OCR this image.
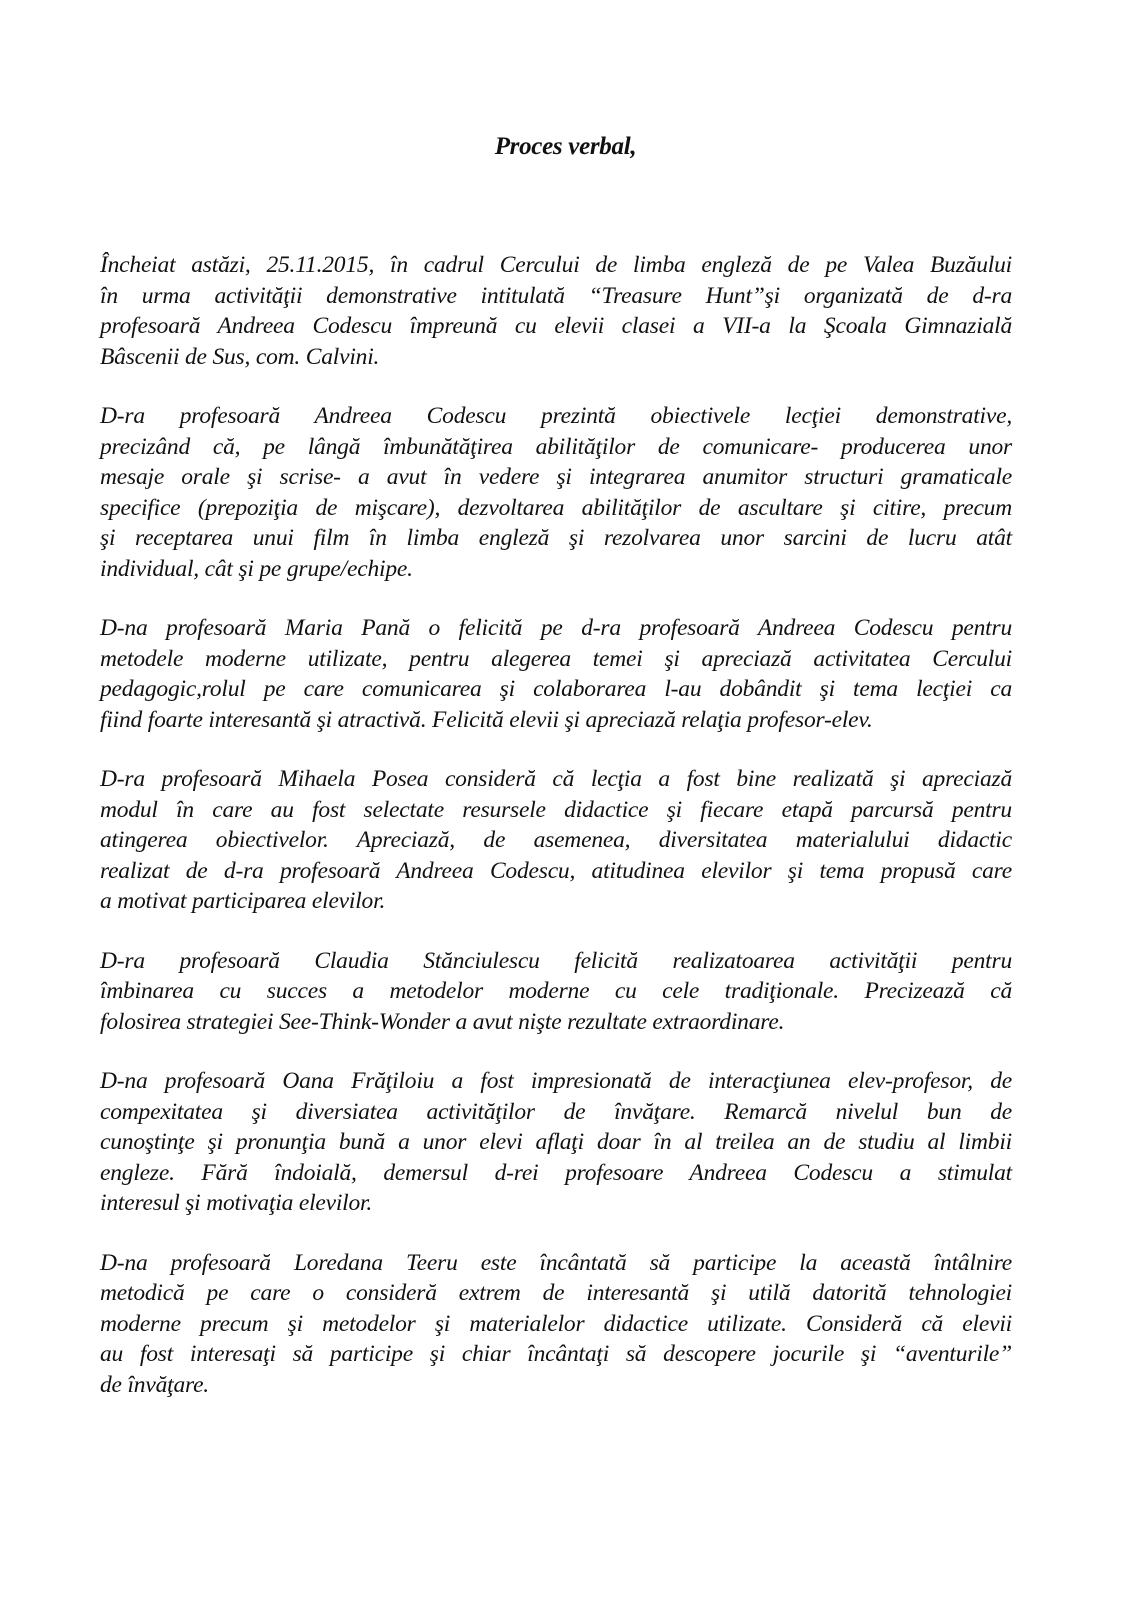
Proces verbal,
Încheiat astăzi, 25.11.2015, în cadrul Cercului de limba engleză de pe Valea Buzăului
în urma activităţii demonstrative intitulată “Treasure Hunt”şi organizată de d-ra
profesoară Andreea Codescu împreună cu elevii clasei a VII-a la Şcoala Gimnazială
Bâscenii de Sus, com. Calvini.
D-ra profesoară Andreea Codescu prezintă obiectivele lecţiei demonstrative,
precizând că, pe lângă îmbunătăţirea abilităţilor de comunicare- producerea unor
mesaje orale şi scrise- a avut în vedere şi integrarea anumitor structuri gramaticale
specifice (prepoziţia de mişcare), dezvoltarea abilităţilor de ascultare şi citire, precum
şi receptarea unui film în limba engleză şi rezolvarea unor sarcini de lucru atât
individual, cât şi pe grupe/echipe.
D-na profesoară Maria Pană o felicită pe d-ra profesoară Andreea Codescu pentru
metodele moderne utilizate, pentru alegerea temei şi apreciază activitatea Cercului
pedagogic,rolul pe care comunicarea şi colaborarea l-au dobândit şi tema lecţiei ca
fiind foarte interesantă şi atractivă. Felicită elevii şi apreciază relaţia profesor-elev.
D-ra profesoară Mihaela Posea consideră că lecţia a fost bine realizată şi apreciază
modul în care au fost selectate resursele didactice şi fiecare etapă parcursă pentru
atingerea obiectivelor. Apreciază, de asemenea, diversitatea materialului didactic
realizat de d-ra profesoară Andreea Codescu, atitudinea elevilor şi tema propusă care
a motivat participarea elevilor.
D-ra profesoară Claudia Stănciulescu felicită realizatoarea activităţii pentru
îmbinarea cu succes a metodelor moderne cu cele tradiţionale. Precizează că
folosirea strategiei See-Think-Wonder a avut nişte rezultate extraordinare.
D-na profesoară Oana Frăţiloiu a fost impresionată de interacţiunea elev-profesor, de
compexitatea şi diversiatea activităţilor de învăţare. Remarcă nivelul bun de
cunoştinţe şi pronunţia bună a unor elevi aflaţi doar în al treilea an de studiu al limbii
engleze. Fără îndoială, demersul d-rei profesoare Andreea Codescu a stimulat
interesul şi motivaţia elevilor.
D-na profesoară Loredana Teeru este încântată să participe la această întâlnire
metodică pe care o consideră extrem de interesantă şi utilă datorită tehnologiei
moderne precum şi metodelor şi materialelor didactice utilizate. Consideră că elevii
au fost interesaţi să participe şi chiar încântaţi să descopere jocurile şi “aventurile”
de învăţare.
